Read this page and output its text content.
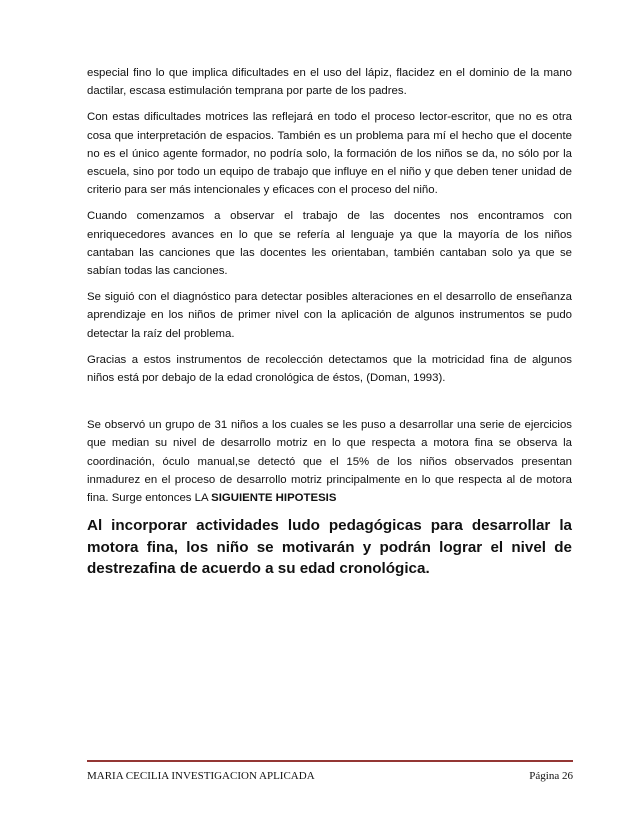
especial fino lo que implica dificultades en el uso del lápiz, flacidez en el dominio de la mano dactilar, escasa estimulación temprana por parte de los padres.

Con estas dificultades motrices las reflejará en todo el proceso lector-escritor, que no es otra cosa que interpretación de espacios. También es un problema para mí el hecho que el docente no es el único agente formador, no podría solo, la formación de los niños se da, no sólo por la escuela, sino por todo un equipo de trabajo que influye en el niño y que deben tener unidad de criterio para ser más intencionales y eficaces con el proceso del niño.

Cuando comenzamos a observar el trabajo de las docentes nos encontramos con enriquecedores avances en lo que se refería al lenguaje ya que la mayoría de los niños cantaban las canciones que las docentes les orientaban, también cantaban solo ya que se sabían todas las canciones.

Se siguió con el diagnóstico para detectar posibles alteraciones en el desarrollo de enseñanza aprendizaje en los niños de primer nivel con la aplicación de algunos instrumentos se pudo detectar la raíz del problema.

Gracias a estos instrumentos de recolección detectamos que la motricidad fina de algunos niños está por debajo de la edad cronológica de éstos, (Doman, 1993).

Se observó un grupo de 31 niños a los cuales se les puso a desarrollar una serie de ejercicios que median su nivel de desarrollo motriz en lo que respecta a motora fina se observa la coordinación, óculo manual,se detectó que el 15% de los niños observados presentan inmadurez en el proceso de desarrollo motriz principalmente en lo que respecta al de motora fina. Surge entonces LA SIGUIENTE HIPOTESIS

Al incorporar actividades ludo pedagógicas para desarrollar la motora fina, los niño se motivarán y podrán lograr el nivel de destrezafina de acuerdo a su edad cronológica.

MARIA CECILIA INVESTIGACION APLICADA	Página 26
